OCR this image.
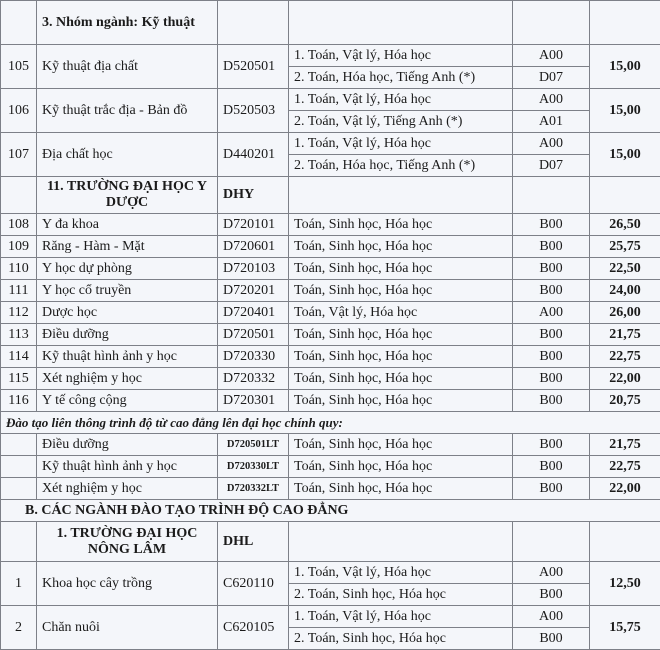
	3. Nhóm ngành: Kỹ thuật				
105	Kỹ thuật địa chất	D520501	1. Toán, Vật lý, Hóa học	A00	15,00
			2. Toán, Hóa học, Tiếng Anh (*)	D07	
106	Kỹ thuật trắc địa - Bản đồ	D520503	1. Toán, Vật lý, Hóa học	A00	15,00
			2. Toán, Vật lý, Tiếng Anh (*)	A01	
107	Địa chất học	D440201	1. Toán, Vật lý, Hóa học	A00	15,00
			2. Toán, Hóa học, Tiếng Anh (*)	D07	
	11. TRƯỜNG ĐẠI HỌC Y DƯỢC	DHY			
108	Y đa khoa	D720101	Toán, Sinh học, Hóa học	B00	26,50
109	Răng - Hàm - Mặt	D720601	Toán, Sinh học, Hóa học	B00	25,75
110	Y học dự phòng	D720103	Toán, Sinh học, Hóa học	B00	22,50
111	Y học cổ truyền	D720201	Toán, Sinh học, Hóa học	B00	24,00
112	Dược học	D720401	Toán, Vật lý, Hóa học	A00	26,00
113	Điều dưỡng	D720501	Toán, Sinh học, Hóa học	B00	21,75
114	Kỹ thuật hình ảnh y học	D720330	Toán, Sinh học, Hóa học	B00	22,75
115	Xét nghiệm y học	D720332	Toán, Sinh học, Hóa học	B00	22,00
116	Y tế công cộng	D720301	Toán, Sinh học, Hóa học	B00	20,75
Đào tạo liên thông trình độ từ cao đẳng lên đại học chính quy:					
	Điều dưỡng	D720501LT	Toán, Sinh học, Hóa học	B00	21,75
	Kỹ thuật hình ảnh y học	D720330LT	Toán, Sinh học, Hóa học	B00	22,75
	Xét nghiệm y học	D720332LT	Toán, Sinh học, Hóa học	B00	22,00
B. CÁC NGÀNH ĐÀO TẠO TRÌNH ĐỘ CAO ĐẲNG					
	1. TRƯỜNG ĐẠI HỌC NÔNG LÂM	DHL			
1	Khoa học cây trồng	C620110	1. Toán, Vật lý, Hóa học	A00	12,50
			2. Toán, Sinh học, Hóa học	B00	
2	Chăn nuôi	C620105	1. Toán, Vật lý, Hóa học	A00	15,75
			2. Toán, Sinh học, Hóa học	B00	
